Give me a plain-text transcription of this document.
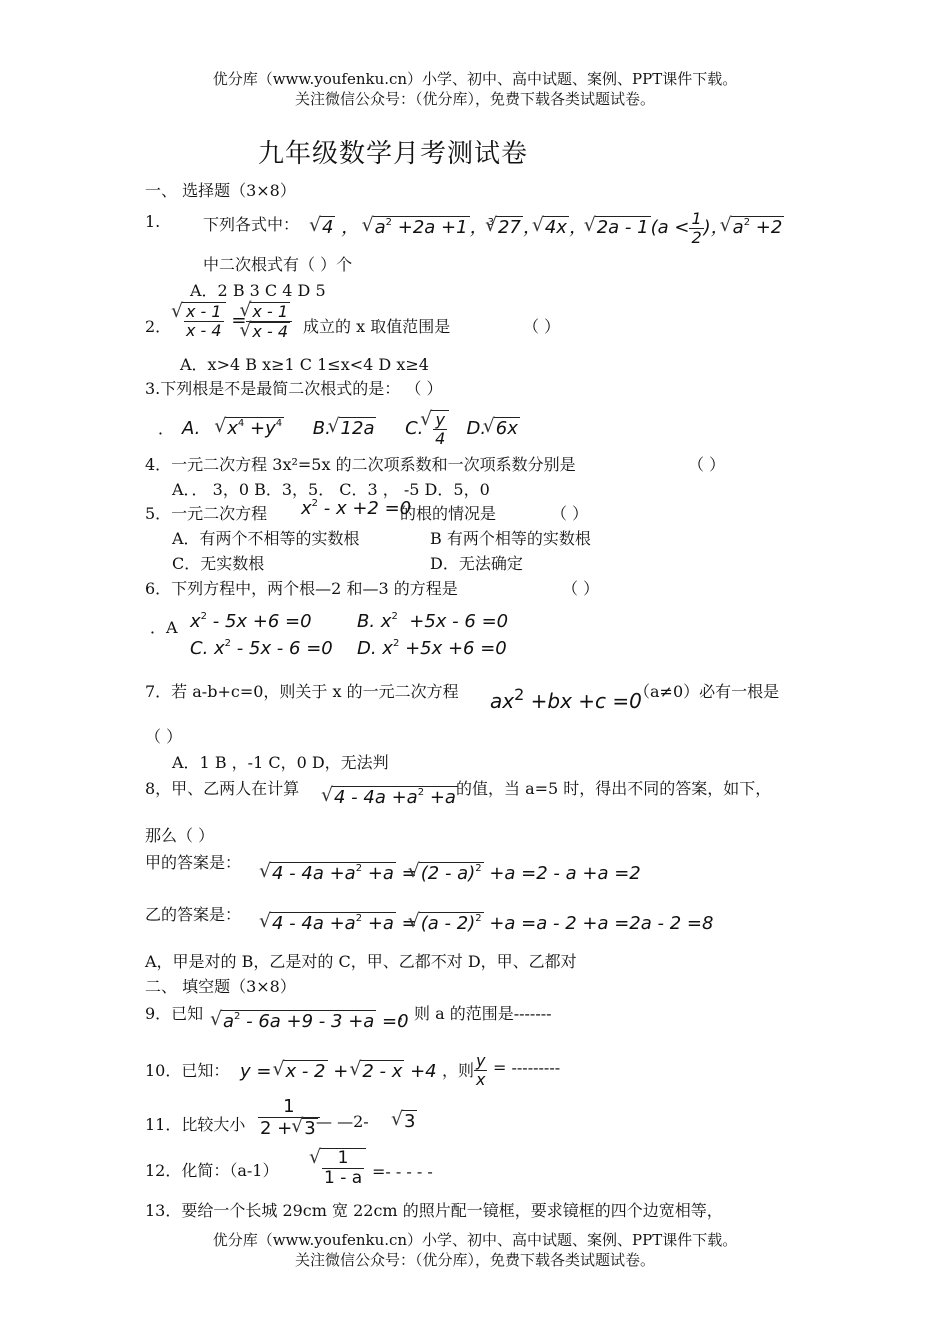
优分库（www.youfenku.cn）小学、初中、高中试题、案例、PPT课件下载。
关注微信公众号：（优分库），免费下载各类试题试卷。
九年级数学月考测试卷
一、 选择题（3×8）
1.	下列各式中： √ 4 ，  √ $a^2 +2a +1$ ，$^3$ √ 27 ， √ 4x ， √ 2a - 1 ($a < \frac{1}{2}$ )， √ $a^2 +2$
中二次根式有（ ）个
A．2 B 3 C 4 D 5
2． √ $\frac{x - 1}{x - 4}$ = √ x - 1
√ x - 4 成立的 x 取值范围是	（ ）
A．x>4 B x≥1 C 1≤x<4 D x≥4
3.下列根是不是最简二次根式的是： （ ）
． A.    √ $x^4 +y^4$     B. √ 12a     C. √ $\frac{y}{4} D$. √ 6x
4．一元二次方程 3x²=5x 的二次项系数和一次项系数分别是	（ ）
A．． 3，0 B．3，5． C．3 ， -5 D．5，0
5．一元二次方程 $x^2 - x +2 =0$
的根的情况是	（ ）
A．有两个不相等的实数根	B 有两个相等的实数根
C．无实数根	D．无法确定
6．下列方程中，两个根—2 和—3 的方程是	（ ）
．A $x^2 - 5x +6 =0$	B. $x^2 +5x - 6 =0$
C. $x^2 - 5x - 6 =0$ D. $x^2 +5x +6 =0$
7．若 a-b+c=0，则关于 x 的一元二次方程 $ax^2 +bx +c =0$
（a≠0）必有一根是
（ ）
A．1 B ，-1 C，0 D，无法判
8，甲、乙两人在计算 √ $4 - 4a +a^2 +a$ 的值，当 a=5 时，得出不同的答案，如下，
那么（ ）
甲的答案是：
√ $4 - 4a +a^2 +a$ = √ (2 - a)$^2$ +a =2 - a +a =2
乙的答案是： √ $4 - 4a +a^2 +a$ = √ (a - 2)$^2$ +a =a - 2 +a =2a - 2 =8
A，甲是对的 B，乙是对的 C，甲、乙都不对 D，甲、乙都对
二、 填空题（3×8）
9．已知 √ $a^2 - 6a +9 - 3 +a =0$
，则 a 的范围是-------
10．已知： y = √ x - 2 + √ 2 - x +4 ，则 $\frac{y}{x}$ = ---------
11．比较大小 $\frac{1}{2 + √ 3}$
— —2-	√ 3
12．化简：（a-1）	√ $\frac{1}{1 - a}$ =- - - - -
13．要给一个长城 29cm 宽 22cm 的照片配一镜框，要求镜框的四个边宽相等，
优分库（www.youfenku.cn）小学、初中、高中试题、案例、PPT课件下载。
关注微信公众号：（优分库），免费下载各类试题试卷。
